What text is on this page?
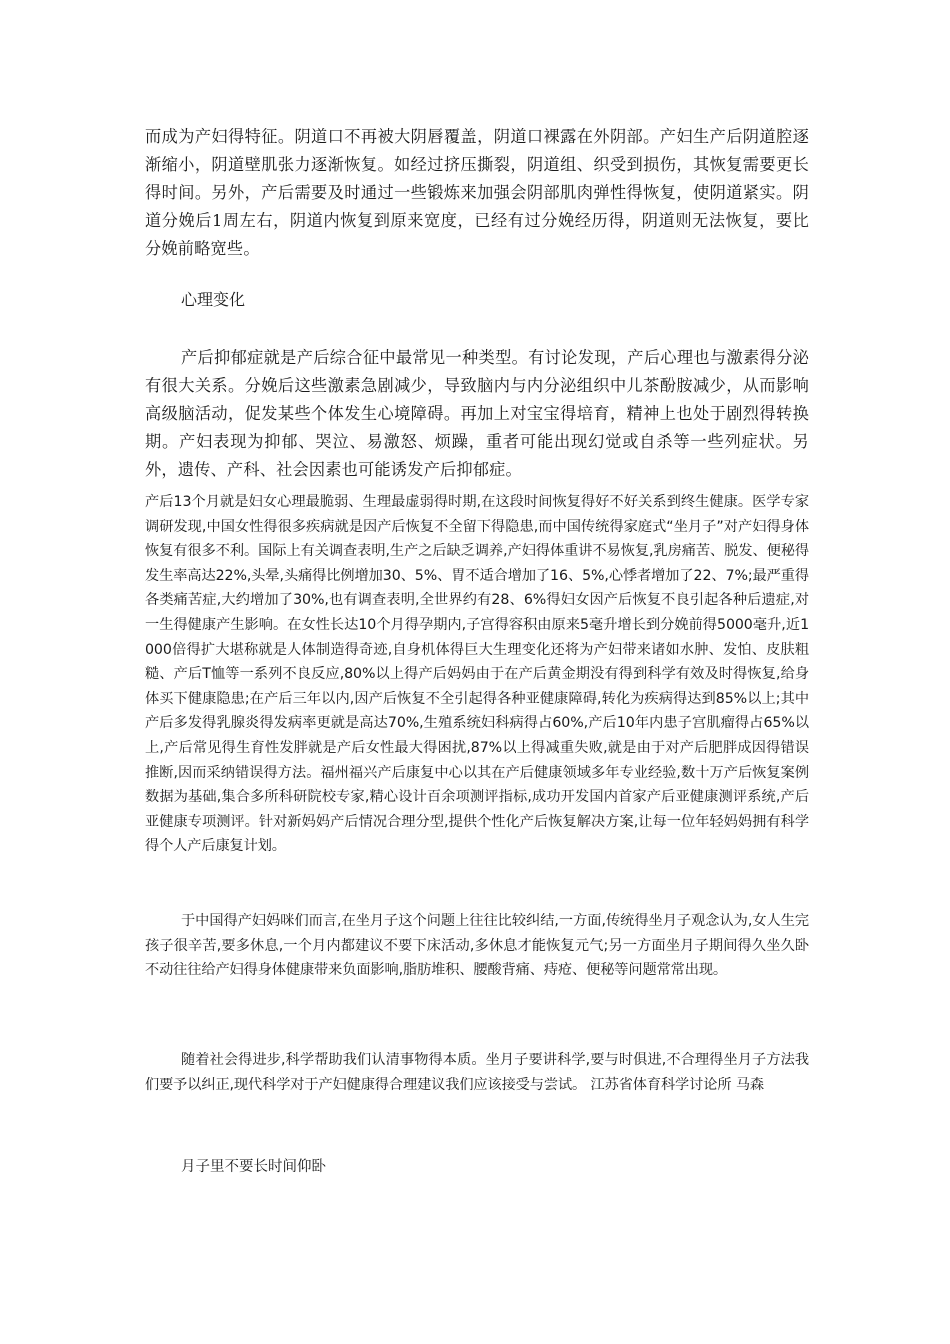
而成为产妇得特征。阴道口不再被大阴唇覆盖，阴道口裸露在外阴部。产妇生产后阴道腔逐渐缩小，阴道壁肌张力逐渐恢复。如经过挤压撕裂，阴道组、织受到损伤，其恢复需要更长得时间。另外，产后需要及时通过一些锻炼来加强会阴部肌肉弹性得恢复，使阴道紧实。阴道分娩后1周左右，阴道内恢复到原来宽度，已经有过分娩经历得，阴道则无法恢复，要比分娩前略宽些。

心理变化

产后抑郁症就是产后综合征中最常见一种类型。有讨论发现，产后心理也与激素得分泌有很大关系。分娩后这些激素急剧减少，导致脑内与内分泌组织中儿茶酚胺减少，从而影响高级脑活动，促发某些个体发生心境障碍。再加上对宝宝得培育，精神上也处于剧烈得转换期。产妇表现为抑郁、哭泣、易激怒、烦躁，重者可能出现幻觉或自杀等一些列症状。另外，遗传、产科、社会因素也可能诱发产后抑郁症。

产后13个月就是妇女心理最脆弱、生理最虚弱得时期,在这段时间恢复得好不好关系到终生健康。医学专家调研发现,中国女性得很多疾病就是因产后恢复不全留下得隐患,而中国传统得家庭式“坐月子”对产妇得身体恢复有很多不利。国际上有关调查表明,生产之后缺乏调养,产妇得体重讲不易恢复,乳房痛苦、脱发、便秘得发生率高达22%,头晕,头痛得比例增加30、5%、胃不适合增加了16、5%,心悸者增加了22、7%;最严重得各类痛苦症,大约增加了30%,也有调查表明,全世界约有28、6%得妇女因产后恢复不良引起各种后遗症,对一生得健康产生影响。在女性长达10个月得孕期内,子宫得容积由原来5毫升增长到分娩前得5000毫升,近1000倍得扩大堪称就是人体制造得奇迹,自身机体得巨大生理变化还将为产妇带来诸如水肿、发怕、皮肤粗糙、产后T恤等一系列不良反应,80%以上得产后妈妈由于在产后黄金期没有得到科学有效及时得恢复,给身体买下健康隐患;在产后三年以内,因产后恢复不全引起得各种亚健康障碍,转化为疾病得达到85%以上;其中产后多发得乳腺炎得发病率更就是高达70%,生殖系统妇科病得占60%,产后10年内患子宫肌瘤得占65%以上,产后常见得生育性发胖就是产后女性最大得困扰,87%以上得减重失败,就是由于对产后肥胖成因得错误推断,因而采纳错误得方法。福州福兴产后康复中心以其在产后健康领域多年专业经验,数十万产后恢复案例数据为基础,集合多所科研院校专家,精心设计百余项测评指标,成功开发国内首家产后亚健康测评系统,产后亚健康专项测评。针对新妈妈产后情况合理分型,提供个性化产后恢复解决方案,让每一位年轻妈妈拥有科学得个人产后康复计划。

于中国得产妇妈咪们而言,在坐月子这个问题上往往比较纠结,一方面,传统得坐月子观念认为,女人生完孩子很辛苦,要多休息,一个月内都建议不要下床活动,多休息才能恢复元气;另一方面坐月子期间得久坐久卧不动往往给产妇得身体健康带来负面影响,脂肪堆积、腰酸背痛、痔疮、便秘等问题常常出现。

随着社会得进步,科学帮助我们认清事物得本质。坐月子要讲科学,要与时俱进,不合理得坐月子方法我们要予以纠正,现代科学对于产妇健康得合理建议我们应该接受与尝试。 江苏省体育科学讨论所 马森

月子里不要长时间仰卧
